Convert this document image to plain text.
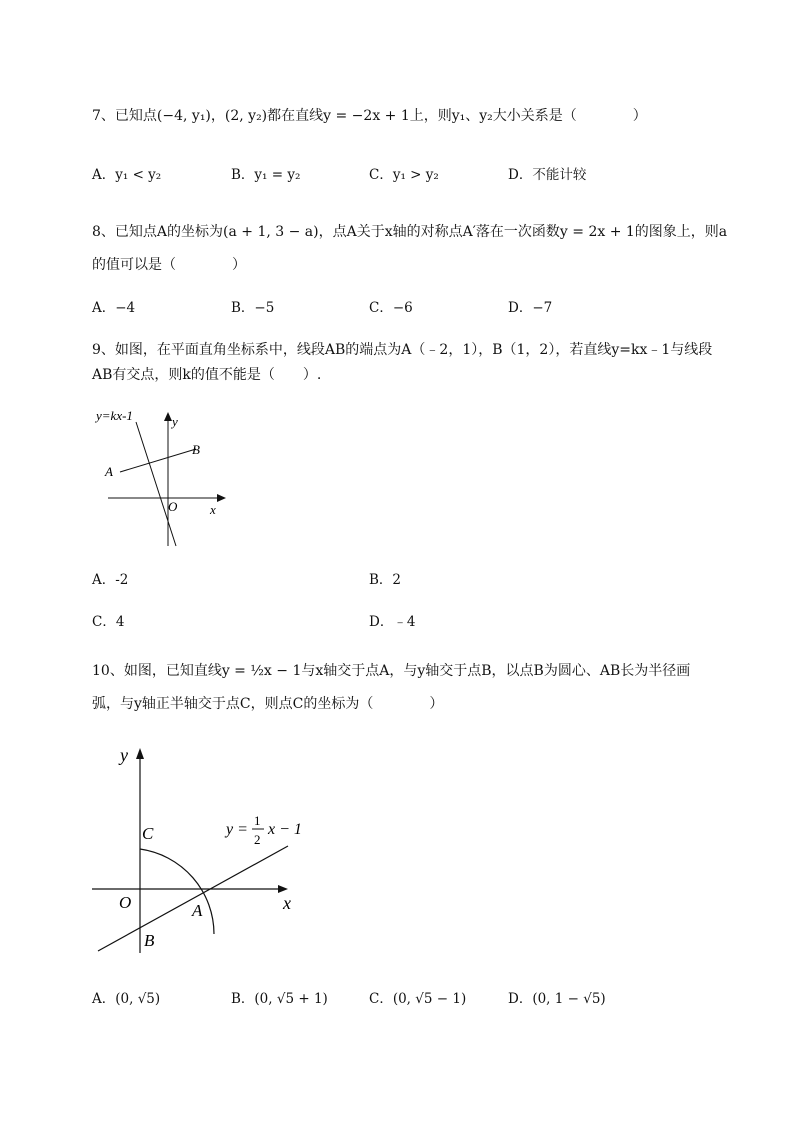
7、已知点(−4, y₁)，(2, y₂)都在直线y = −2x + 1上，则y₁、y₂大小关系是（　　　　）
A．y₁ < y₂	B．y₁ = y₂	C．y₁ > y₂	D．不能计较
8、已知点A的坐标为(a + 1, 3 − a)，点A关于x轴的对称点A′落在一次函数y = 2x + 1的图象上，则a
的值可以是（　　　　）
A．−4	B．−5	C．−6	D．−7
9、如图，在平面直角坐标系中，线段AB的端点为A（﹣2，1），B（1，2），若直线y=kx﹣1与线段
AB有交点，则k的值不能是（　　）.
y=kx-1	y
x
O
A
B
A．-2	B．2
C．4	D．﹣4
10、如图，已知直线y = ½x − 1与x轴交于点A，与y轴交于点B，以点B为圆心、AB长为半径画
弧，与y轴正半轴交于点C，则点C的坐标为（　　　　）
y
x
O
C
A
B
y =
1
2
x − 1
A．(0, √5)	B．(0, √5 + 1)	C．(0, √5 − 1)	D．(0, 1 − √5)
